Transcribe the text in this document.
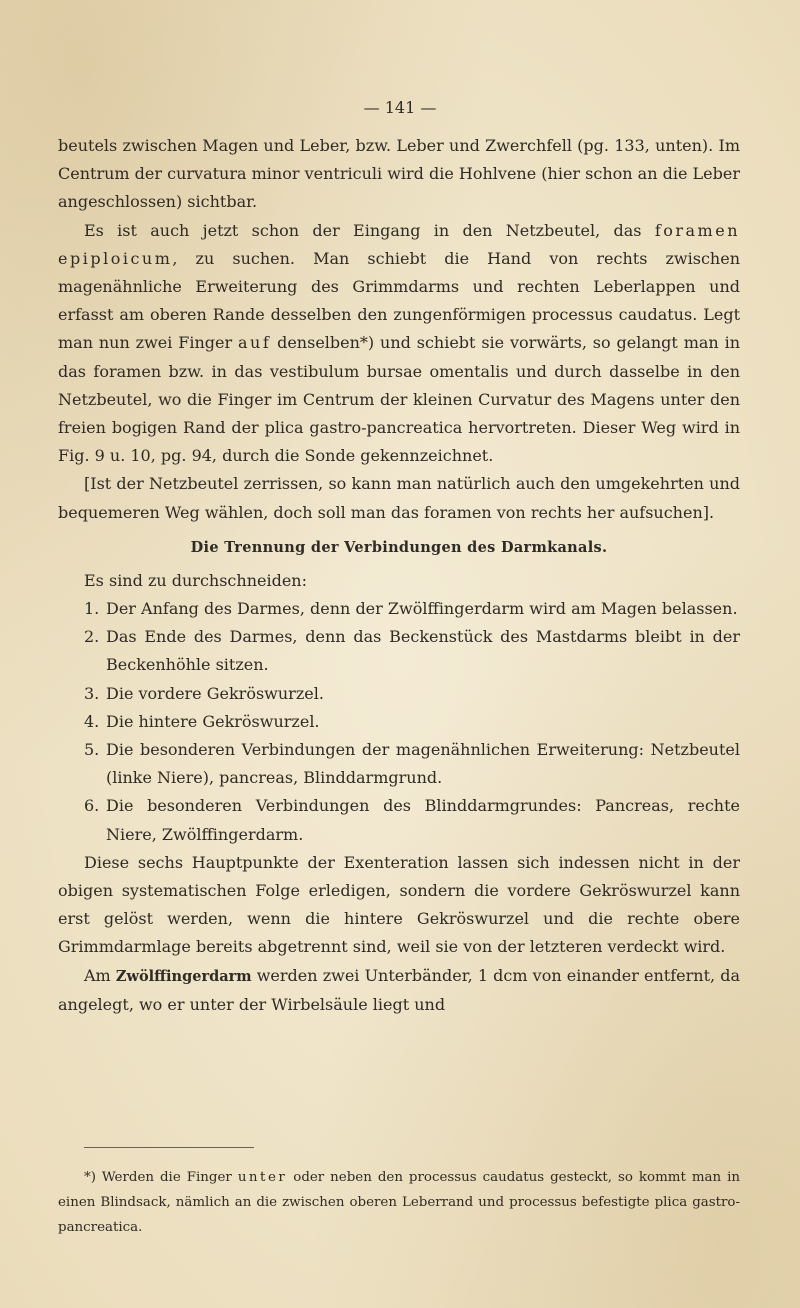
— 141 —

beutels zwischen Magen und Leber, bzw. Leber und Zwerchfell (pg. 133, unten). Im Centrum der curvatura minor ventriculi wird die Hohlvene (hier schon an die Leber angeschlossen) sichtbar.

Es ist auch jetzt schon der Eingang in den Netzbeutel, das foramen epiploicum, zu suchen. Man schiebt die Hand von rechts zwischen magenähnliche Erweiterung des Grimmdarms und rechten Leberlappen und erfasst am oberen Rande desselben den zungenförmigen processus caudatus. Legt man nun zwei Finger auf denselben*) und schiebt sie vorwärts, so gelangt man in das foramen bzw. in das vestibulum bursae omentalis und durch dasselbe in den Netzbeutel, wo die Finger im Centrum der kleinen Curvatur des Magens unter den freien bogigen Rand der plica gastro-pancreatica hervortreten. Dieser Weg wird in Fig. 9 u. 10, pg. 94, durch die Sonde gekennzeichnet.

[Ist der Netzbeutel zerrissen, so kann man natürlich auch den umgekehrten und bequemeren Weg wählen, doch soll man das foramen von rechts her aufsuchen].

Die Trennung der Verbindungen des Darmkanals.

Es sind zu durchschneiden:

1. Der Anfang des Darmes, denn der Zwölffingerdarm wird am Magen belassen.
2. Das Ende des Darmes, denn das Beckenstück des Mastdarms bleibt in der Beckenhöhle sitzen.
3. Die vordere Gekröswurzel.
4. Die hintere Gekröswurzel.
5. Die besonderen Verbindungen der magenähnlichen Erweiterung: Netzbeutel (linke Niere), pancreas, Blinddarmgrund.
6. Die besonderen Verbindungen des Blinddarmgrundes: Pancreas, rechte Niere, Zwölffingerdarm.

Diese sechs Hauptpunkte der Exenteration lassen sich indessen nicht in der obigen systematischen Folge erledigen, sondern die vordere Gekröswurzel kann erst gelöst werden, wenn die hintere Gekröswurzel und die rechte obere Grimmdarmlage bereits abgetrennt sind, weil sie von der letzteren verdeckt wird.

Am Zwölffingerdarm werden zwei Unterbänder, 1 dcm von einander entfernt, da angelegt, wo er unter der Wirbelsäule liegt und

*) Werden die Finger unter oder neben den processus caudatus gesteckt, so kommt man in einen Blindsack, nämlich an die zwischen oberen Leberrand und processus befestigte plica gastro-pancreatica.
